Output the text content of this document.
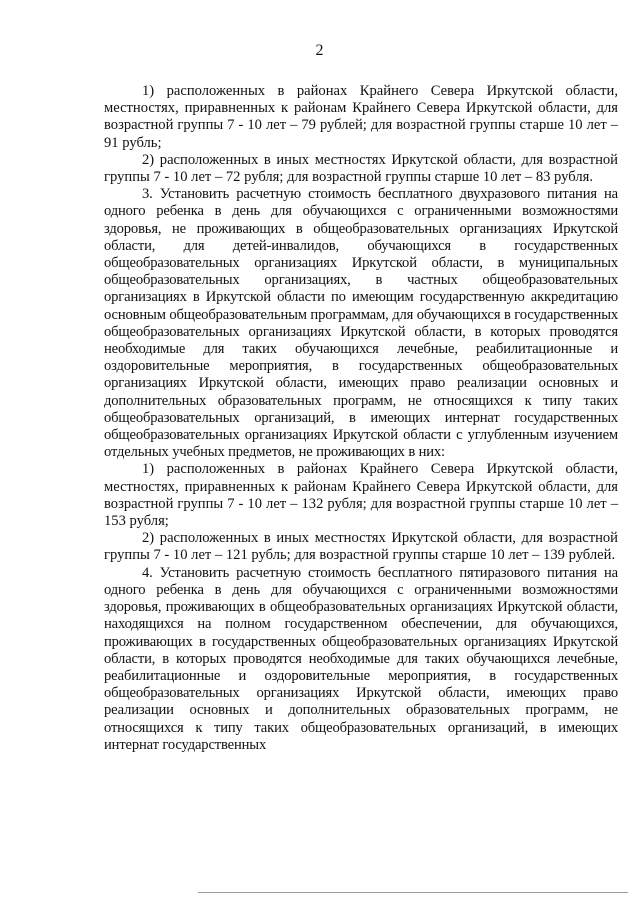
2

1) расположенных в районах Крайнего Севера Иркутской области, местностях, приравненных к районам Крайнего Севера Иркутской области, для возрастной группы 7 - 10 лет – 79 рублей; для возрастной группы старше 10 лет – 91 рубль;

2) расположенных в иных местностях Иркутской области, для возрастной группы 7 - 10 лет – 72 рубля; для возрастной группы старше 10 лет – 83 рубля.

3. Установить расчетную стоимость бесплатного двухразового питания на одного ребенка в день для обучающихся с ограниченными возможностями здоровья, не проживающих в общеобразовательных организациях Иркутской области, для детей-инвалидов, обучающихся в государственных общеобразовательных организациях Иркутской области, в муниципальных общеобразовательных организациях, в частных общеобразовательных организациях в Иркутской области по имеющим государственную аккредитацию основным общеобразовательным программам, для обучающихся в государственных общеобразовательных организациях Иркутской области, в которых проводятся необходимые для таких обучающихся лечебные, реабилитационные и оздоровительные мероприятия, в государственных общеобразовательных организациях Иркутской области, имеющих право реализации основных и дополнительных образовательных программ, не относящихся к типу таких общеобразовательных организаций, в имеющих интернат государственных общеобразовательных организациях Иркутской области с углубленным изучением отдельных учебных предметов, не проживающих в них:

1) расположенных в районах Крайнего Севера Иркутской области, местностях, приравненных к районам Крайнего Севера Иркутской области, для возрастной группы 7 - 10 лет – 132 рубля; для возрастной группы старше 10 лет – 153 рубля;

2) расположенных в иных местностях Иркутской области, для возрастной группы 7 - 10 лет – 121 рубль; для возрастной группы старше 10 лет – 139 рублей.

4. Установить расчетную стоимость бесплатного пятиразового питания на одного ребенка в день для обучающихся с ограниченными возможностями здоровья, проживающих в общеобразовательных организациях Иркутской области, находящихся на полном государственном обеспечении, для обучающихся, проживающих в государственных общеобразовательных организациях Иркутской области, в которых проводятся необходимые для таких обучающихся лечебные, реабилитационные и оздоровительные мероприятия, в государственных общеобразовательных организациях Иркутской области, имеющих право реализации основных и дополнительных образовательных программ, не относящихся к типу таких общеобразовательных организаций, в имеющих интернат государственных
